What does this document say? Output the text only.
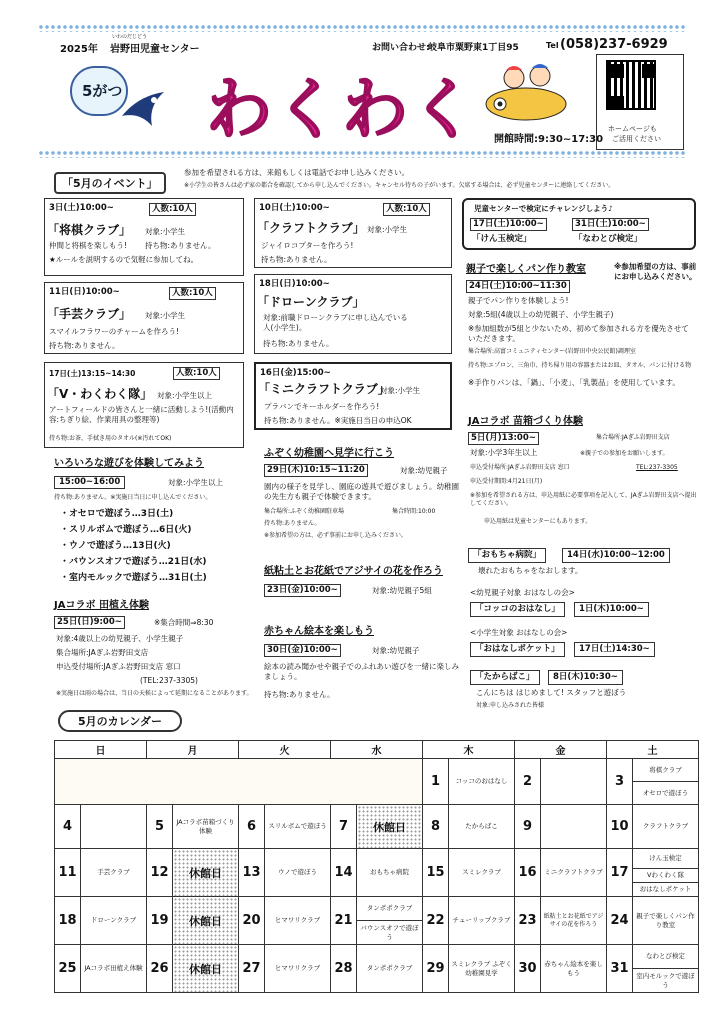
2025年
いわのだじどう
岩野田児童センター	お問い合わせ:
岐阜市粟野東1丁目95	Tel (058)237-6929
5がつ わくわく 開館時間:9:30~17:30
ホームページも
ご活用ください
「5月のイベント」
参加を希望される方は、来館もしくは電話でお申し込みください。
※小学生の皆さんは必ず家の都合を確認してから申し込んでください。キャンセル待ちの子がいます。欠席する場合は、必ず児童センターに連絡してください。
3日(土)10:00~	人数:10人
「将棋クラブ」 対象:小学生
仲間と将棋を楽しもう! 持ち物:ありません。
★ルールを説明するので気軽に参加してね。
10日(土)10:00~	人数:10人
「クラフトクラブ」 対象:小学生
ジャイロコプターを作ろう!
持ち物:ありません。
児童センターで検定にチャレンジしよう♪
17日(土)10:00~
「けん玉検定」
31日(土)10:00~
「なわとび検定」
18日(日)10:00~
「ドローンクラブ」
対象:前職ドローンクラブに申し込んでいる人(小学生)。
持ち物:ありません。
11日(日)10:00~	人数:10人
「手芸クラブ」 対象:小学生
スマイルフラワーのチャームを作ろう!
持ち物:ありません。
親子で楽しくパン作り教室	※参加希望の方は、事前にお申し込みください。
24日(土)10:00~11:30
親子でパン作りを体験しよう!
対象:5組(4歳以上の幼児親子、小学生親子)
※参加組数が5組と少ないため、初めて参加される方を優先させていただきます。
集合場所:高富コミュニティセンター(岩野田中央公民館)調理室
持ち物:エプロン、三角巾、持ち帰り用の容器またはお皿、タオル、パンに付ける物
※手作りパンは、「鍋」、「小麦」、「乳製品」を使用しています。
16日(金)15:00~
「ミニクラフトクラブ」
対象:小学生
プラバンでキーホルダーを作ろう!
持ち物:ありません。※実施日当日の申込OK
17日(土)13:15~14:30	人数:10人
「V・わくわく隊」 対象:小学生以上
アートフィールドの皆さんと一緒に活動しよう!(活動内容:ちぎり絵、作業用具の整理等)
持ち物:お茶、手拭き用のタオル(※汚れてOK)
ふぞく幼稚園へ見学に行こう
29日(木)10:15~11:20	対象:幼児親子
園内の様子を見学し、園庭の遊具で遊びましょう。幼稚園の先生方も親子で体験できます。
集合場所:ふぞく幼稚園駐車場	集合時間:10:00
持ち物:ありません。
※参加希望の方は、必ず事前にお申し込みください。
JAコラボ 苗箱づくり体験
5日(月)13:00~	集合場所:JAぎふ岩野田支店
対象:小学3年生以上	※親子での参加をお願いします。
申込受付場所:JAぎふ岩野田支店 窓口	TEL:237-3305
申込受付期間:4月21日(月)
※参加を希望される方は、申込用紙に必要事項を記入して、JAぎふ岩野田支店へ提出してください。
申込用紙は児童センターにもあります。
いろいろな遊びを体験してみよう
15:00~16:00	対象:小学生以上
持ち物:ありません。※実施日当日に申し込んでください。
・オセロで遊ぼう…3日(土)
・スリルボムで遊ぼう…6日(火)
・ウノで遊ぼう…13日(火)
・バウンスオフで遊ぼう…21日(水)
・室内モルックで遊ぼう…31日(土)
「おもちゃ病院」	14日(水)10:00~12:00
壊れたおもちゃをなおします。
紙粘土とお花紙でアジサイの花を作ろう
23日(金)10:00~	対象:幼児親子5組	<幼児親子対象 おはなしの会>
「コッコのおはなし」	1日(木)10:00~
<小学生対象 おはなしの会>
「おはなしポケット」	17日(土)14:30~
JAコラボ 田植え体験
25日(日)9:00~	※集合時間⇒8:30
対象:4歳以上の幼児親子、小学生親子
集合場所:JAぎふ岩野田支店
申込受付場所:JAぎふ岩野田支店 窓口
(TEL:237-3305)
※実施日は雨の場合は、当日の天候によって延期になることがあります。
赤ちゃん絵本を楽しもう
30日(金)10:00~	対象:幼児親子
絵本の読み聞かせや親子でのふれあい遊びを一緒に楽しみましょう。
持ち物:ありません。
「たからばこ」	8日(木)10:30~
こんにちは はじめまして! スタッフと遊ぼう
対象:申し込みされた皆様
5月のカレンダー
日		月		火		水		木		金		土	
								1	コッコのおはなし	2		3	将棋クラブ
													オセロで遊ぼう
4		5	JAコラボ苗箱づくり体験	6	スリルボムで遊ぼう	7	休館日	8	たからばこ	9		10	クラフトクラブ
11	手芸クラブ	12	休館日	13	ウノで遊ぼう	14	おもちゃ病院	15	スミレクラブ	16	ミニクラフトクラブ	17	けん玉検定
													Vわくわく隊
													おはなしポケット
18	ドローンクラブ	19	休館日	20	ヒマワリクラブ	21	タンポポクラブ	22	チューリップクラブ	23	紙粘土とお花紙でアジサイの花を作ろう	24	親子で楽しくパン作り教室
							バウンスオフで遊ぼう						
25	JAコラボ田植え体験	26	休館日	27	ヒマワリクラブ	28	タンポポクラブ	29	スミレクラブ ふぞく幼稚園見学	30	赤ちゃん絵本を楽しもう	31	なわとび検定
													室内モルックで遊ぼう
